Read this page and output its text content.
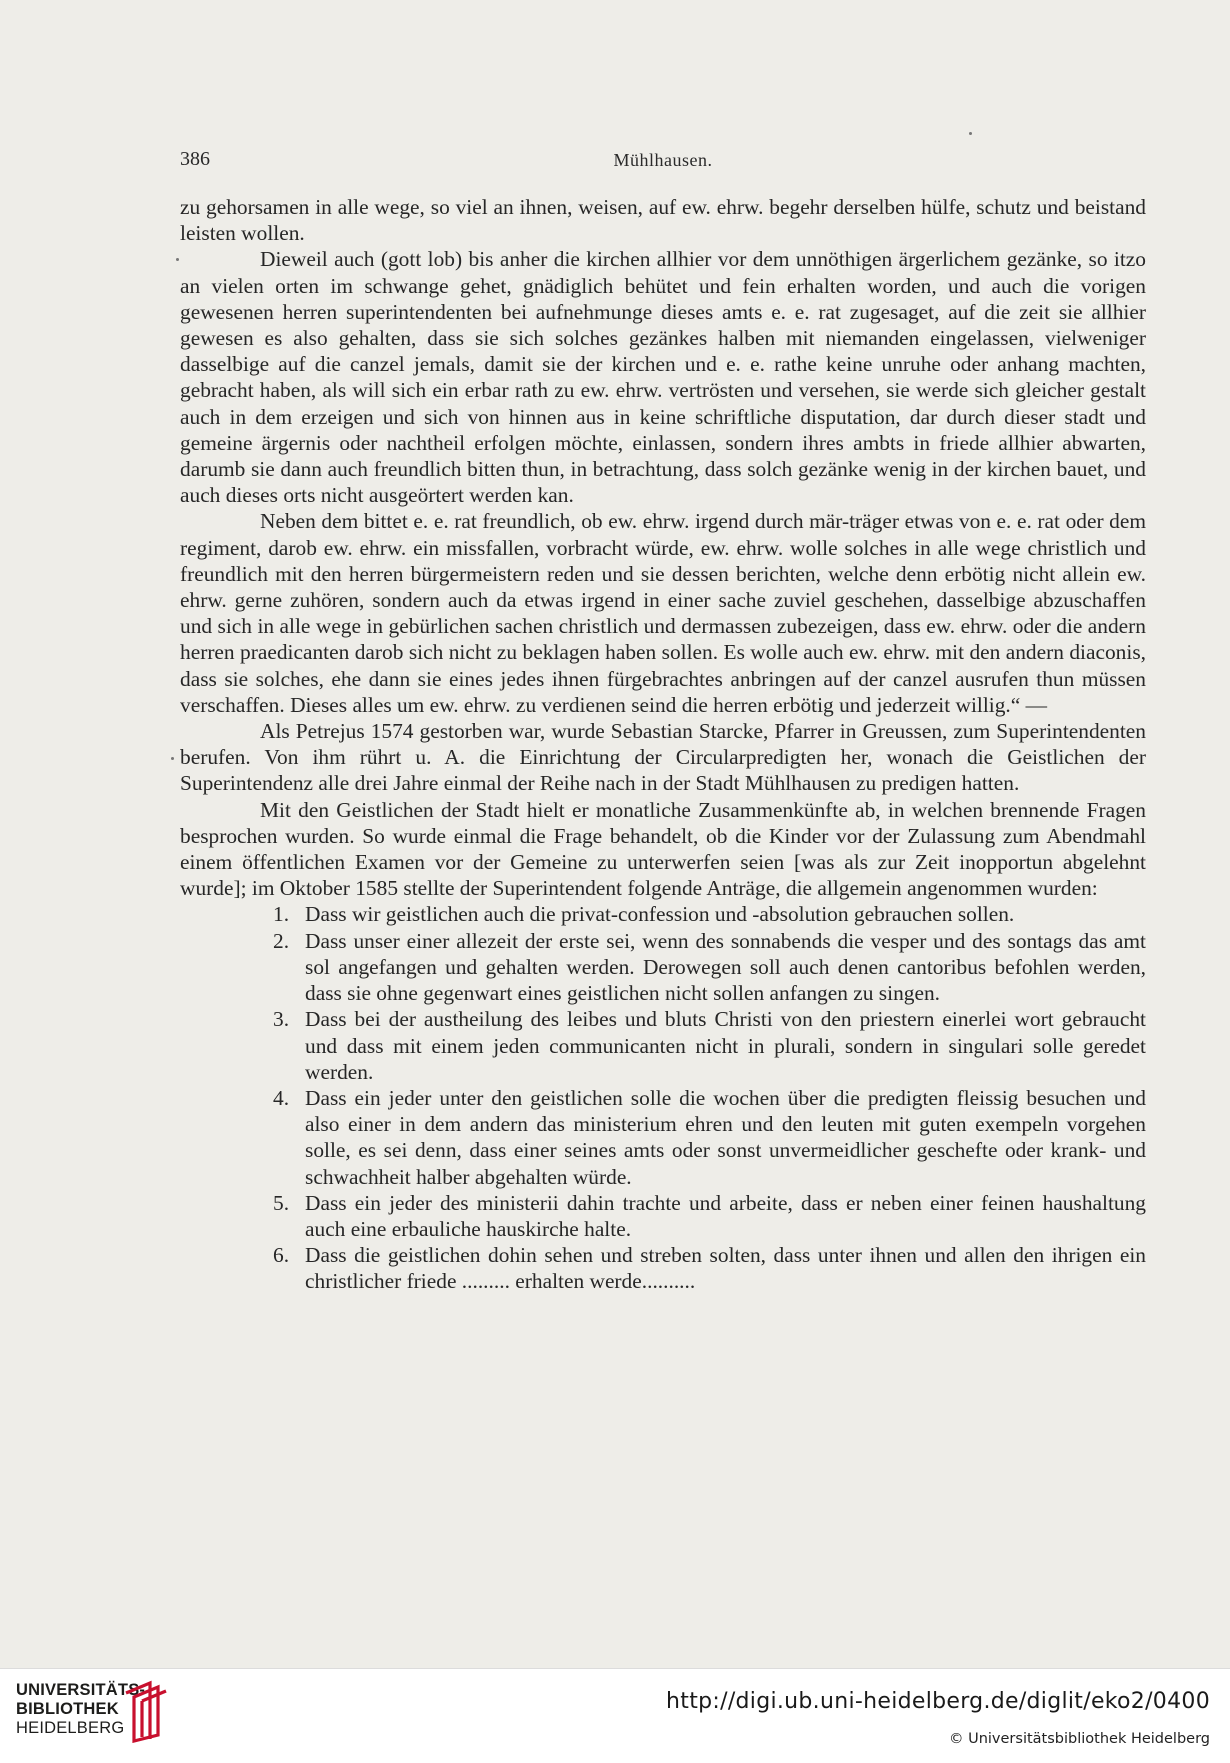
386	Mühlhausen.

zu gehorsamen in alle wege, so viel an ihnen, weisen, auf ew. ehrw. begehr derselben hülfe, schutz und beistand leisten wollen.

Dieweil auch (gott lob) bis anher die kirchen allhier vor dem unnöthigen ärgerlichem gezänke, so itzo an vielen orten im schwange gehet, gnädiglich behütet und fein erhalten worden, und auch die vorigen gewesenen herren superintendenten bei aufnehmunge dieses amts e. e. rat zugesaget, auf die zeit sie allhier gewesen es also gehalten, dass sie sich solches gezänkes halben mit niemanden eingelassen, vielweniger dasselbige auf die canzel jemals, damit sie der kirchen und e. e. rathe keine unruhe oder anhang machten, gebracht haben, als will sich ein erbar rath zu ew. ehrw. vertrösten und versehen, sie werde sich gleicher gestalt auch in dem erzeigen und sich von hinnen aus in keine schriftliche disputation, dar durch dieser stadt und gemeine ärgernis oder nachtheil erfolgen möchte, einlassen, sondern ihres ambts in friede allhier abwarten, darumb sie dann auch freundlich bitten thun, in betrachtung, dass solch gezänke wenig in der kirchen bauet, und auch dieses orts nicht ausgeörtert werden kan.

Neben dem bittet e. e. rat freundlich, ob ew. ehrw. irgend durch mär-träger etwas von e. e. rat oder dem regiment, darob ew. ehrw. ein missfallen, vorbracht würde, ew. ehrw. wolle solches in alle wege christlich und freundlich mit den herren bürgermeistern reden und sie dessen berichten, welche denn erbötig nicht allein ew. ehrw. gerne zuhören, sondern auch da etwas irgend in einer sache zuviel geschehen, dasselbige abzuschaffen und sich in alle wege in gebürlichen sachen christlich und dermassen zubezeigen, dass ew. ehrw. oder die andern herren praedicanten darob sich nicht zu beklagen haben sollen. Es wolle auch ew. ehrw. mit den andern diaconis, dass sie solches, ehe dann sie eines jedes ihnen fürgebrachtes anbringen auf der canzel ausrufen thun müssen verschaffen. Dieses alles um ew. ehrw. zu verdienen seind die herren erbötig und jederzeit willig.“ —

Als Petrejus 1574 gestorben war, wurde Sebastian Starcke, Pfarrer in Greussen, zum Superintendenten berufen. Von ihm rührt u. A. die Einrichtung der Circularpredigten her, wonach die Geistlichen der Superintendenz alle drei Jahre einmal der Reihe nach in der Stadt Mühlhausen zu predigen hatten.

Mit den Geistlichen der Stadt hielt er monatliche Zusammenkünfte ab, in welchen brennende Fragen besprochen wurden. So wurde einmal die Frage behandelt, ob die Kinder vor der Zulassung zum Abendmahl einem öffentlichen Examen vor der Gemeine zu unterwerfen seien [was als zur Zeit inopportun abgelehnt wurde]; im Oktober 1585 stellte der Superintendent folgende Anträge, die allgemein angenommen wurden:

1. Dass wir geistlichen auch die privat-confession und -absolution gebrauchen sollen.
2. Dass unser einer allezeit der erste sei, wenn des sonnabends die vesper und des sontags das amt sol angefangen und gehalten werden. Derowegen soll auch denen cantoribus befohlen werden, dass sie ohne gegenwart eines geistlichen nicht sollen anfangen zu singen.
3. Dass bei der austheilung des leibes und bluts Christi von den priestern einerlei wort gebraucht und dass mit einem jeden communicanten nicht in plurali, sondern in singulari solle geredet werden.
4. Dass ein jeder unter den geistlichen solle die wochen über die predigten fleissig besuchen und also einer in dem andern das ministerium ehren und den leuten mit guten exempeln vorgehen solle, es sei denn, dass einer seines amts oder sonst unvermeidlicher geschefte oder krank- und schwachheit halber abgehalten würde.
5. Dass ein jeder des ministerii dahin trachte und arbeite, dass er neben einer feinen haushaltung auch eine erbauliche hauskirche halte.
6. Dass die geistlichen dohin sehen und streben solten, dass unter ihnen und allen den ihrigen ein christlicher friede ......... erhalten werde..........
UNIVERSITÄTS-
BIBLIOTHEK
HEIDELBERG
http://digi.ub.uni-heidelberg.de/diglit/eko2/0400
© Universitätsbibliothek Heidelberg
